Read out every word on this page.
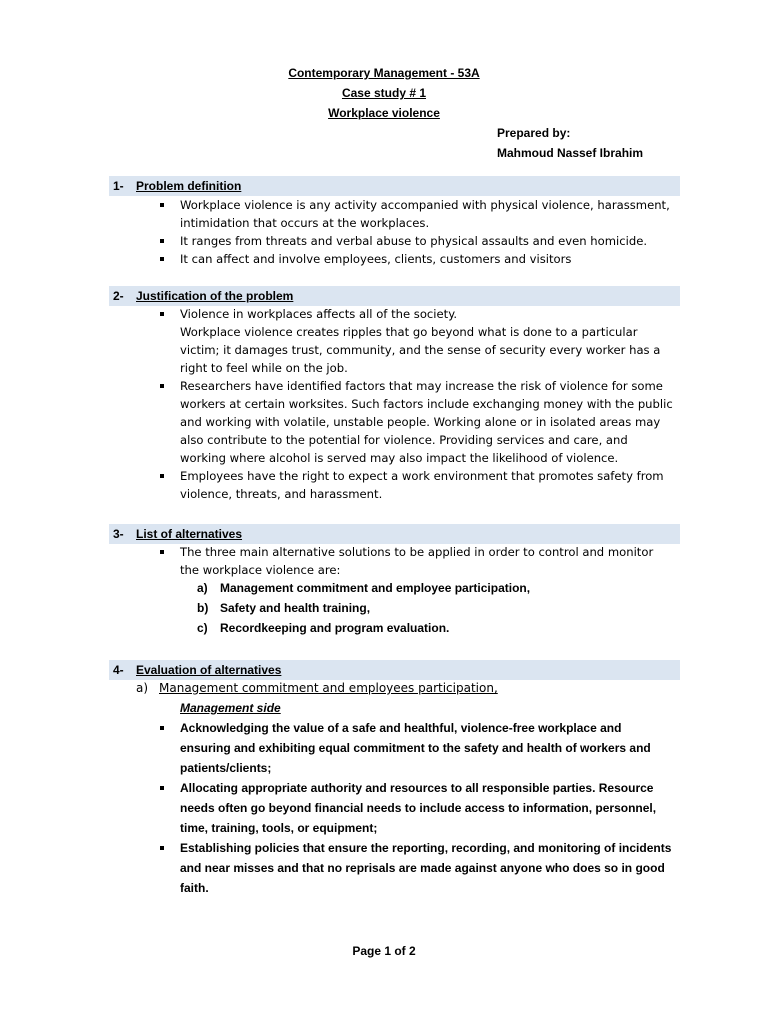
Contemporary Management - 53A
Case study # 1
Workplace violence
Prepared by:
Mahmoud Nassef Ibrahim
1- Problem definition
Workplace violence is any activity accompanied with physical violence, harassment, intimidation that occurs at the workplaces.
It ranges from threats and verbal abuse to physical assaults and even homicide.
It can affect and involve employees, clients, customers and visitors
2- Justification of the problem
Violence in workplaces affects all of the society.
Workplace violence creates ripples that go beyond what is done to a particular victim; it damages trust, community, and the sense of security every worker has a right to feel while on the job.
Researchers have identified factors that may increase the risk of violence for some workers at certain worksites. Such factors include exchanging money with the public and working with volatile, unstable people. Working alone or in isolated areas may also contribute to the potential for violence. Providing services and care, and working where alcohol is served may also impact the likelihood of violence.
Employees have the right to expect a work environment that promotes safety from violence, threats, and harassment.
3- List of alternatives
The three main alternative solutions to be applied in order to control and monitor the workplace violence are:
a) Management commitment and employee participation,
b) Safety and health training,
c) Recordkeeping and program evaluation.
4- Evaluation of alternatives
a) Management commitment and employees participation,
Management side
Acknowledging the value of a safe and healthful, violence-free workplace and ensuring and exhibiting equal commitment to the safety and health of workers and patients/clients;
Allocating appropriate authority and resources to all responsible parties. Resource needs often go beyond financial needs to include access to information, personnel, time, training, tools, or equipment;
Establishing policies that ensure the reporting, recording, and monitoring of incidents and near misses and that no reprisals are made against anyone who does so in good faith.
Page 1 of 2
